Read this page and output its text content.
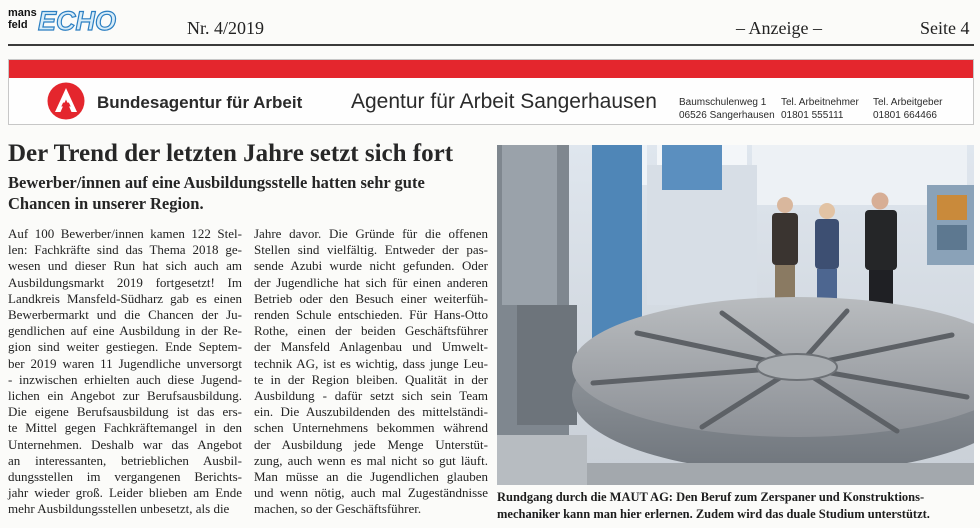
mans
feld ECHO	Nr. 4/2019	– Anzeige –	Seite 4
Bundesagentur für Arbeit Agentur für Arbeit Sangerhausen Baumschulenweg 1
06526 Sangerhausen
Tel. Arbeitnehmer
01801 555111
Tel. Arbeitgeber
01801 664466
Der Trend der letzten Jahre setzt sich fort
Bewerber/innen auf eine Ausbildungsstelle hatten sehr gute
Chancen in unserer Region.
Auf 100 Bewerber/innen kamen 122 Stel-
len: Fachkräfte sind das Thema 2018 ge-
wesen und dieser Run hat sich auch am
Ausbildungsmarkt 2019 fortgesetzt! Im
Landkreis Mansfeld-Südharz gab es einen
Bewerbermarkt und die Chancen der Ju-
gendlichen auf eine Ausbildung in der Re-
gion sind weiter gestiegen. Ende Septem-
ber 2019 waren 11 Jugendliche unversorgt
- inzwischen erhielten auch diese Jugend-
lichen ein Angebot zur Berufsausbildung.
Die eigene Berufsausbildung ist das ers-
te Mittel gegen Fachkräftemangel in den
Unternehmen. Deshalb war das Angebot
an interessanten, betrieblichen Ausbil-
dungsstellen im vergangenen Berichts-
jahr wieder groß. Leider blieben am Ende
mehr Ausbildungsstellen unbesetzt, als die
Jahre davor. Die Gründe für die offenen
Stellen sind vielfältig. Entweder der pas-
sende Azubi wurde nicht gefunden. Oder
der Jugendliche hat sich für einen anderen
Betrieb oder den Besuch einer weiterfüh-
renden Schule entschieden. Für Hans-Otto
Rothe, einen der beiden Geschäftsführer
der Mansfeld Anlagenbau und Umwelt-
technik AG, ist es wichtig, dass junge Leu-
te in der Region bleiben. Qualität in der
Ausbildung - dafür setzt sich sein Team
ein. Die Auszubildenden des mittelständi-
schen Unternehmens bekommen während
der Ausbildung jede Menge Unterstüt-
zung, auch wenn es mal nicht so gut läuft.
Man müsse an die Jugendlichen glauben
und wenn nötig, auch mal Zugeständnisse
machen, so der Geschäftsführer.
Rundgang durch die MAUT AG: Den Beruf zum Zerspaner und Konstruktions-
mechaniker kann man hier erlernen. Zudem wird das duale Studium unterstützt.
